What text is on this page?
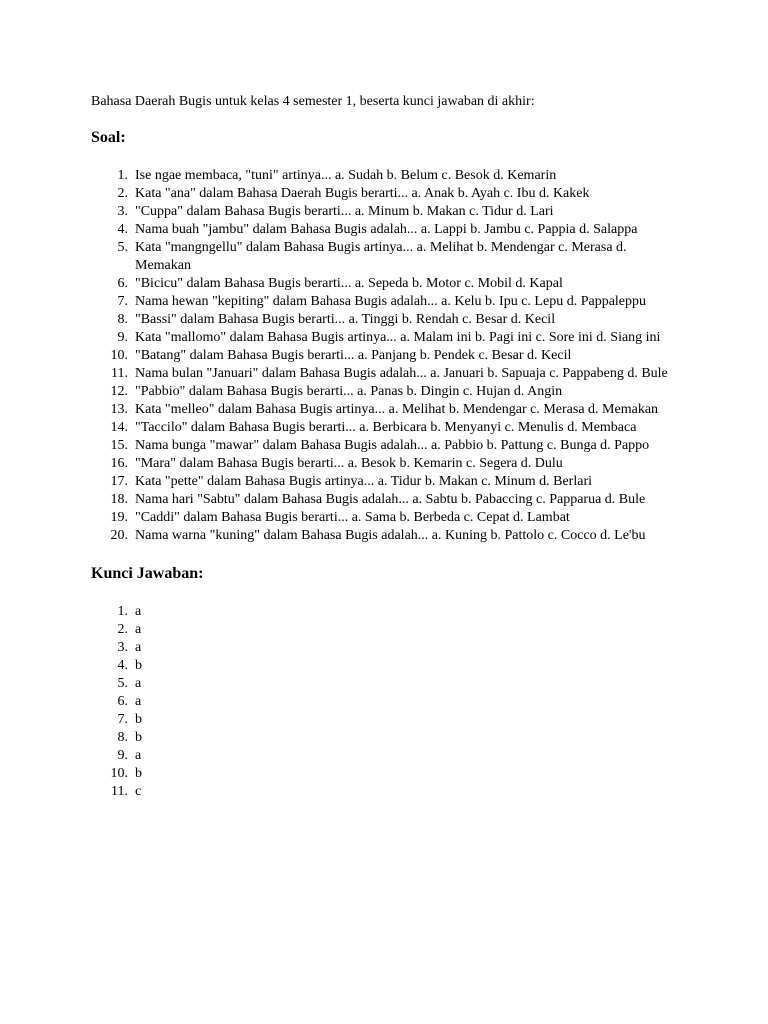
Bahasa Daerah Bugis untuk kelas 4 semester 1, beserta kunci jawaban di akhir:

Soal:
1. Ise ngae membaca, "tuni" artinya... a. Sudah b. Belum c. Besok d. Kemarin
2. Kata "ana" dalam Bahasa Daerah Bugis berarti... a. Anak b. Ayah c. Ibu d. Kakek
3. "Cuppa" dalam Bahasa Bugis berarti... a. Minum b. Makan c. Tidur d. Lari
4. Nama buah "jambu" dalam Bahasa Bugis adalah... a. Lappi b. Jambu c. Pappia d. Salappa
5. Kata "mangngellu" dalam Bahasa Bugis artinya... a. Melihat b. Mendengar c. Merasa d. Memakan
6. "Bicicu" dalam Bahasa Bugis berarti... a. Sepeda b. Motor c. Mobil d. Kapal
7. Nama hewan "kepiting" dalam Bahasa Bugis adalah... a. Kelu b. Ipu c. Lepu d. Pappaleppu
8. "Bassi" dalam Bahasa Bugis berarti... a. Tinggi b. Rendah c. Besar d. Kecil
9. Kata "mallomo" dalam Bahasa Bugis artinya... a. Malam ini b. Pagi ini c. Sore ini d. Siang ini
10. "Batang" dalam Bahasa Bugis berarti... a. Panjang b. Pendek c. Besar d. Kecil
11. Nama bulan "Januari" dalam Bahasa Bugis adalah... a. Januari b. Sapuaja c. Pappabeng d. Bule
12. "Pabbio" dalam Bahasa Bugis berarti... a. Panas b. Dingin c. Hujan d. Angin
13. Kata "melleo" dalam Bahasa Bugis artinya... a. Melihat b. Mendengar c. Merasa d. Memakan
14. "Taccilo" dalam Bahasa Bugis berarti... a. Berbicara b. Menyanyi c. Menulis d. Membaca
15. Nama bunga "mawar" dalam Bahasa Bugis adalah... a. Pabbio b. Pattung c. Bunga d. Pappo
16. "Mara" dalam Bahasa Bugis berarti... a. Besok b. Kemarin c. Segera d. Dulu
17. Kata "pette" dalam Bahasa Bugis artinya... a. Tidur b. Makan c. Minum d. Berlari
18. Nama hari "Sabtu" dalam Bahasa Bugis adalah... a. Sabtu b. Pabaccing c. Papparua d. Bule
19. "Caddi" dalam Bahasa Bugis berarti... a. Sama b. Berbeda c. Cepat d. Lambat
20. Nama warna "kuning" dalam Bahasa Bugis adalah... a. Kuning b. Pattolo c. Cocco d. Le'bu
Kunci Jawaban:
1. a
2. a
3. a
4. b
5. a
6. a
7. b
8. b
9. a
10. b
11. c
